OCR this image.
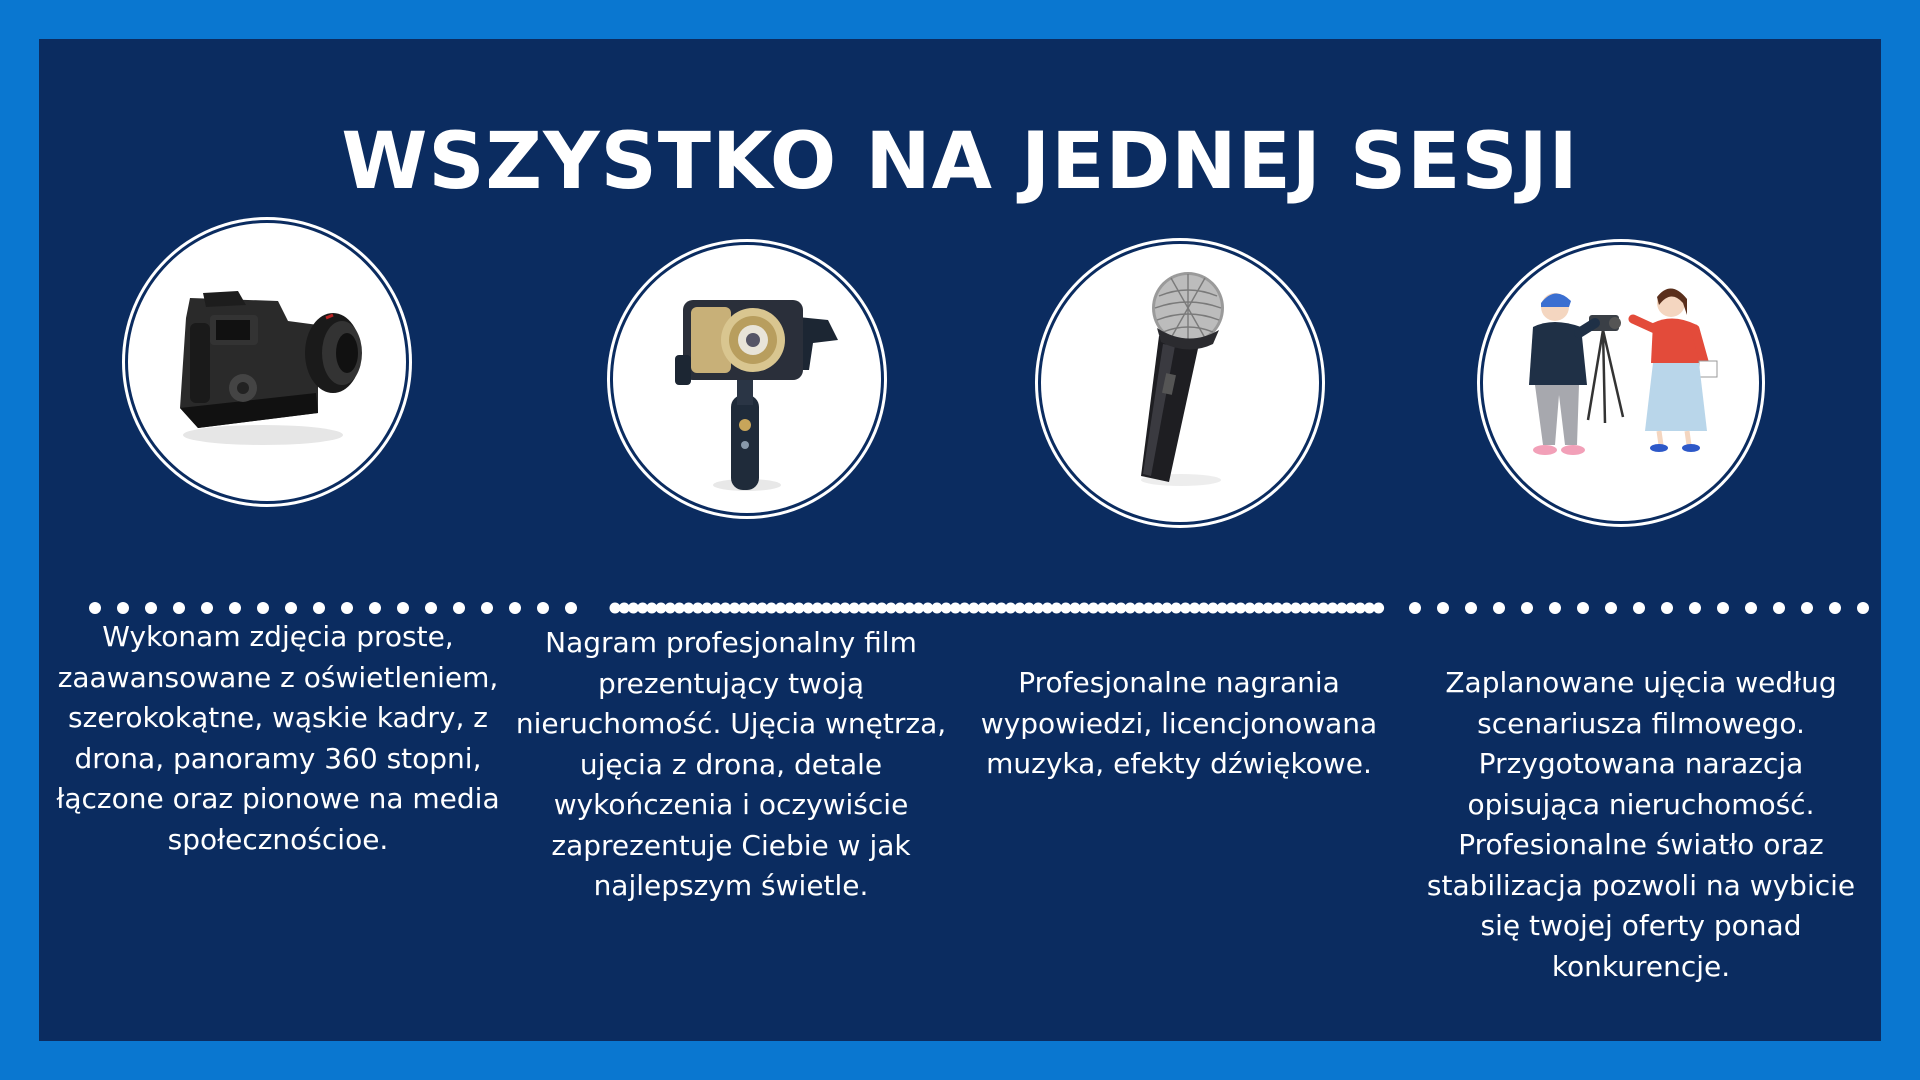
WSZYSTKO NA JEDNEJ SESJI

Wykonam zdjęcia proste, zaawansowane z oświetleniem, szerokokątne, wąskie kadry, z drona, panoramy 360 stopni, łączone oraz pionowe na media społecznościoe.

Nagram profesjonalny film prezentujący twoją nieruchomość. Ujęcia wnętrza, ujęcia z drona, detale wykończenia i oczywiście zaprezentuje Ciebie w jak najlepszym świetle.

Profesjonalne nagrania wypowiedzi, licencjonowana muzyka, efekty dźwiękowe.

Zaplanowane ujęcia według scenariusza filmowego. Przygotowana narazcja opisująca nieruchomość. Profesionalne światło oraz stabilizacja pozwoli na wybicie się twojej oferty ponad konkurencje.
